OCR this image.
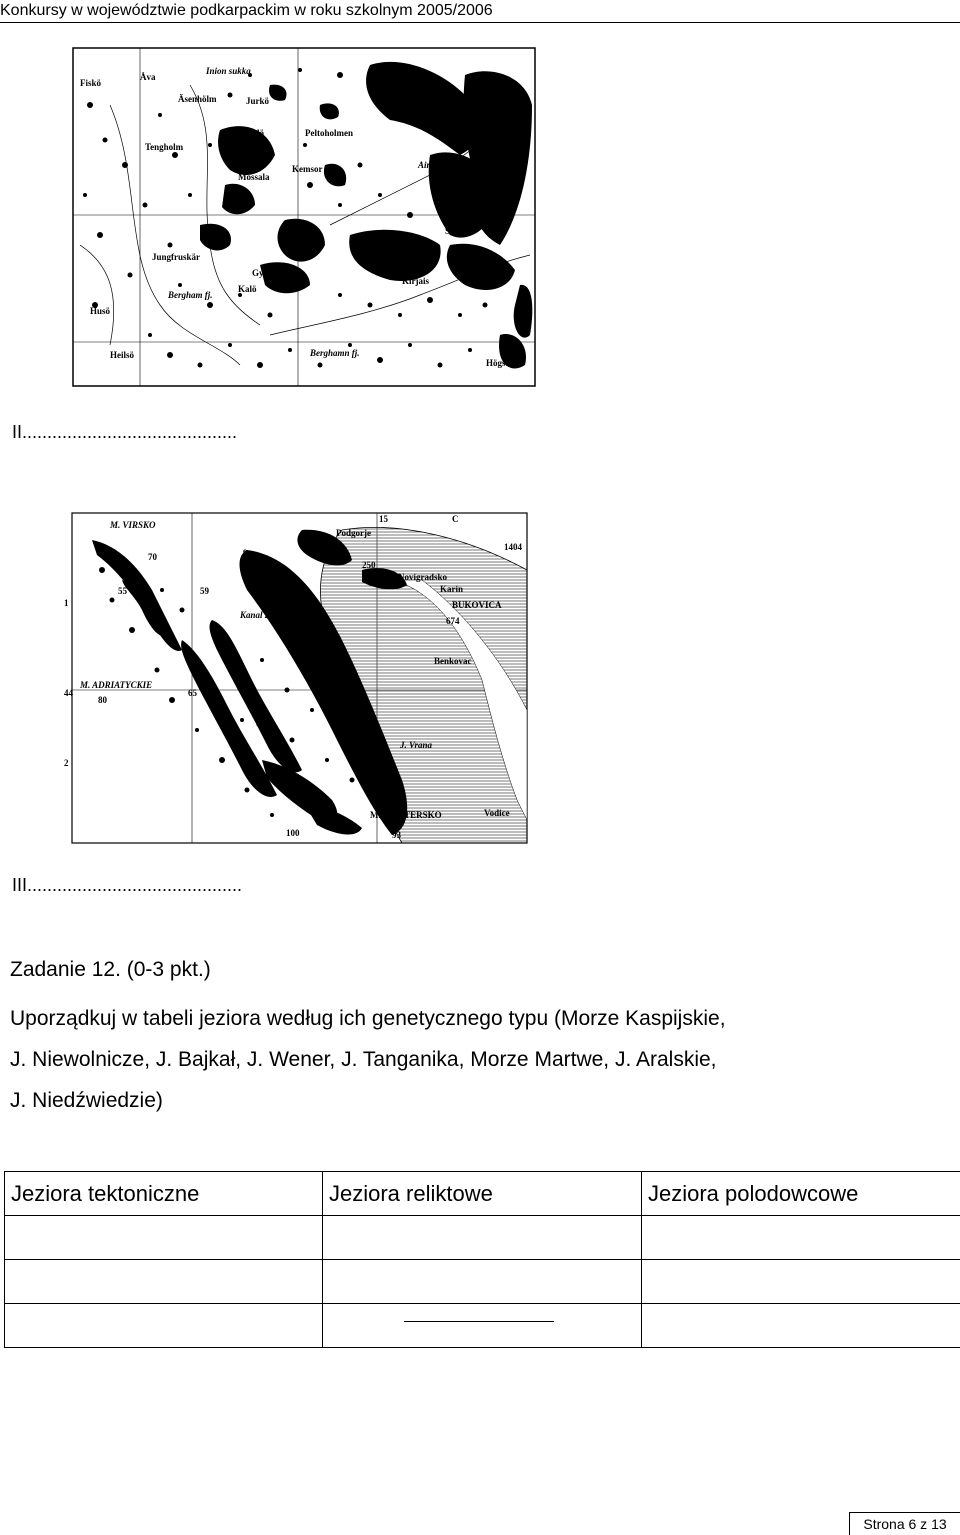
Konkursy w województwie podkarpackim w roku szkolnym 2005/2006
Fiskö
Inion sukka
Åva
Äsenhölm	Jurkö
Kelstlö	Peltoholmen
Hirve
Tengholm
Mossala
Kemsor
Sandö Atö
Jungfruskär
Kirjais
Gyllö
Kalö
Bergham fj.
Husö
Heilsö
Högsar
Berghamn fj.
Airisto
II...........................................
M. VIRSKO
Kanal Zadarski
M. ADRIATYCKIE
BUKOVICA
Novigradsko
Karin
Benkovac
Podgorje
M. MURTERSKO	Vodice
J. Vrana
Sali
1404
250
674
70
55	59
80
44	65
50
100	93
15	C
1
2
9
III...........................................
Zadanie 12. (0-3 pkt.)
Uporządkuj w tabeli jeziora według ich genetycznego typu (Morze Kaspijskie,
J. Niewolnicze, J. Bajkał, J. Wener, J. Tanganika, Morze Martwe, J. Aralskie,
J. Niedźwiedzie)
Jeziora tektoniczne	Jeziora reliktowe	Jeziora polodowcowe

Strona 6 z 13
